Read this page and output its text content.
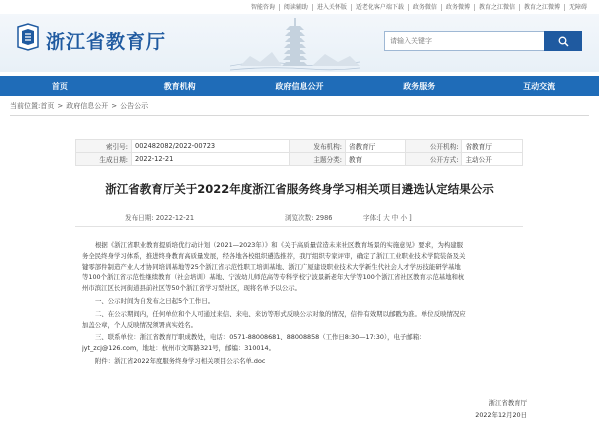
智能咨询	阅读辅助	进入关怀版	适老化客户端下载	政务微信	政务微博	教育之江微信	教育之江微博	无障碍
浙江省教育厅
请输入关键字
首页	教育机构	政府信息公开	政务服务	互动交流
当前位置: 首页 > 政府信息公开 > 公告公示
索引号:	002482082/2022-00723	发布机构:	省教育厅	公开机构:	省教育厅
生成日期:	2022-12-21	主题分类:	教育	公开方式:	主动公开
浙江省教育厅关于2022年度浙江省服务终身学习相关项目遴选认定结果公示
发布日期: 2022-12-21	浏览次数: 2986	字体:[ 大 中 小 ]

根据《浙江省职业教育提质培优行动计划（2021—2023年）》和《关于高质量营造未来社区教育场景的实施意见》要求，为构建服

务全民终身学习体系，推进终身教育高质量发展，经各地各校组织遴选推荐，我厅组织专家评审，确定了浙江工业职业技术学院装备及关

键零部件制造产业人才协同培训基地等25个浙江省示范性职工培训基地、浙江广厦建设职业技术大学新生代社会人才学历技能研学基地

等100个浙江省示范性继续教育（社会培训）基地、宁波幼儿师范高等专科学校宁波景新老年大学等100个浙江省社区教育示范基地和杭

州市滨江区长河街道县前社区等50个浙江省学习型社区，现将名单予以公示。

一、公示时间为自发布之日起5个工作日。

二、在公示期间内，任何单位和个人可通过来信、来电、来访等形式反映公示对象的情况，信件有效期以邮戳为准。单位反映情况应

加盖公章，个人反映情况须署真实姓名。

三、联系单位：浙江省教育厅职成教处，电话：0571-88008681、88008858（工作日8:30—17:30），电子邮箱：

jyt_zcj@126.com，地址：杭州市文晖路321号，邮编：310014。

附件：浙江省2022年度服务终身学习相关项目公示名单.doc

浙江省教育厅
2022年12月20日
